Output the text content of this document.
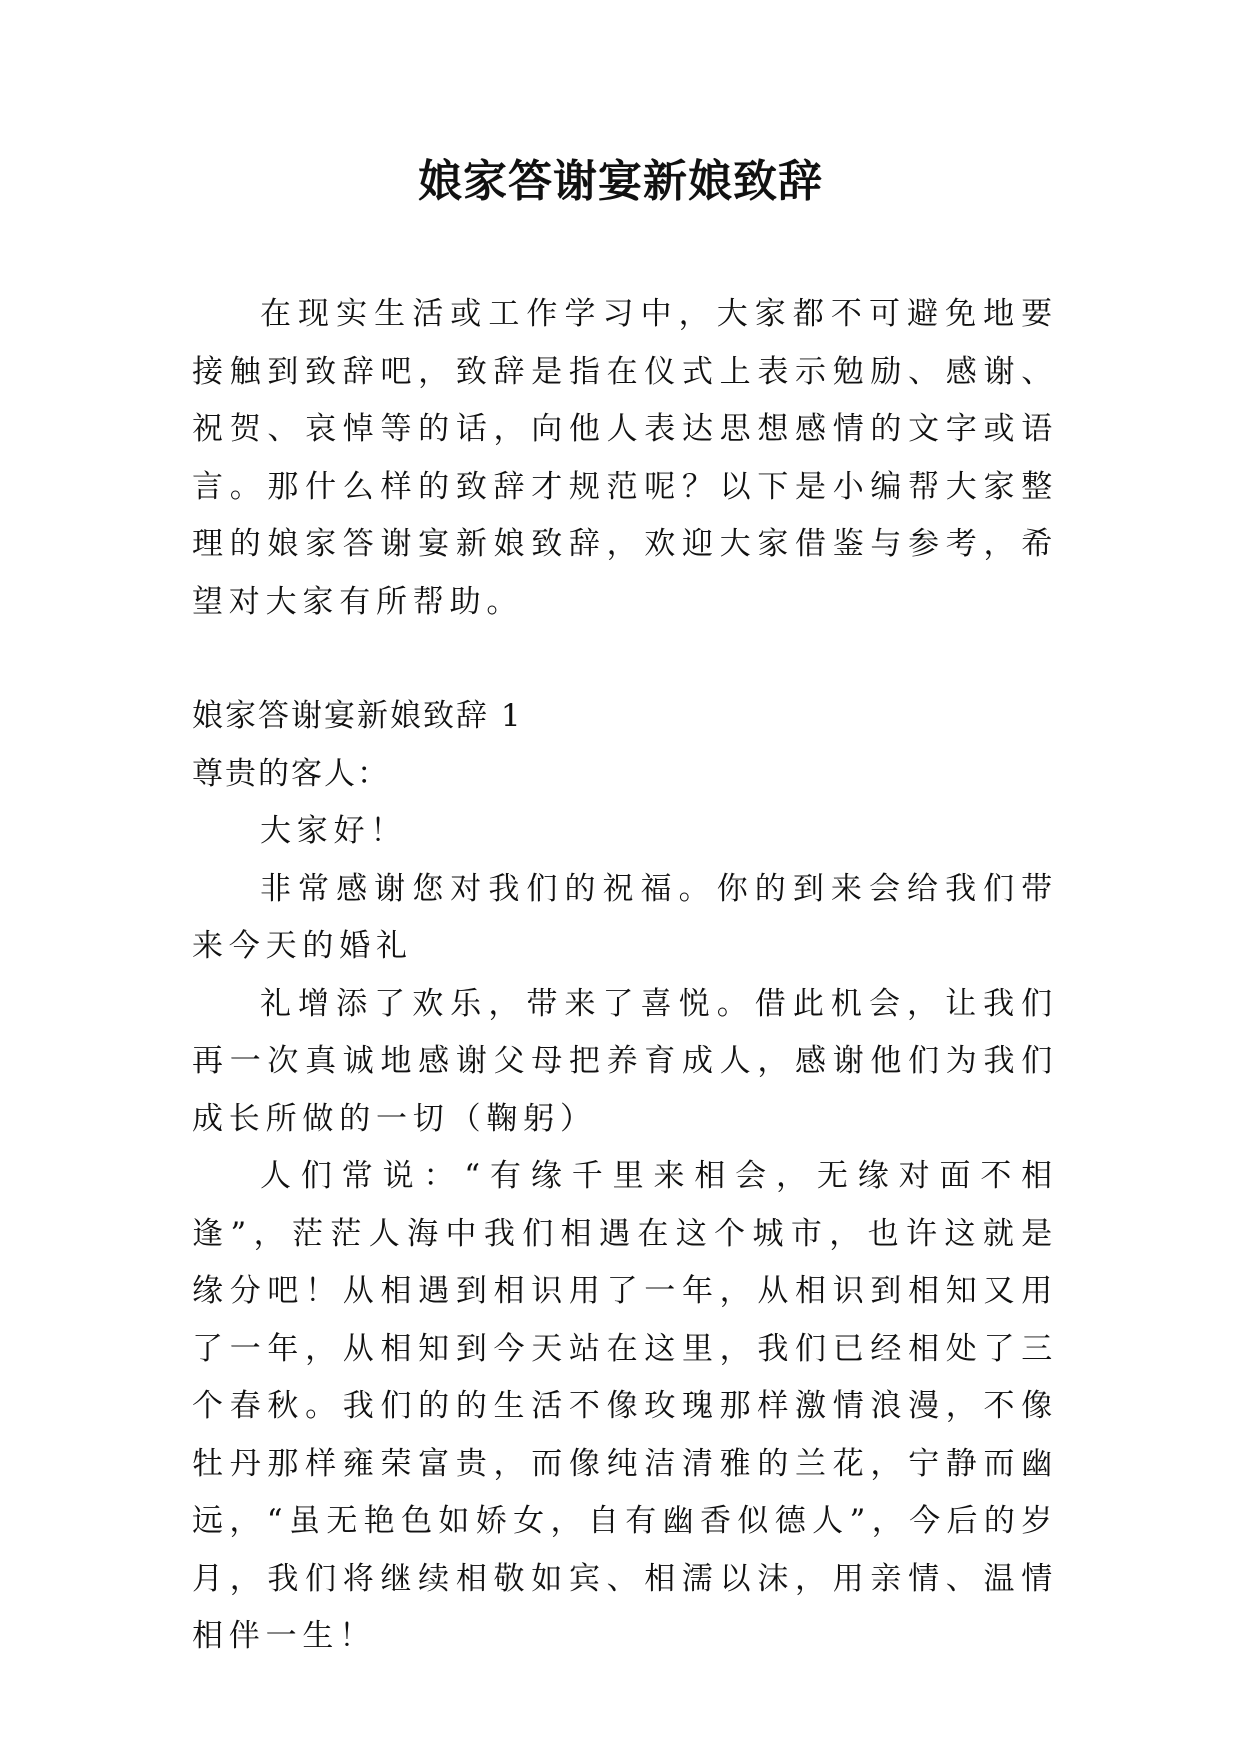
娘家答谢宴新娘致辞

在现实生活或工作学习中，大家都不可避免地要接触到致辞吧，致辞是指在仪式上表示勉励、感谢、祝贺、哀悼等的话，向他人表达思想感情的文字或语言。那什么样的致辞才规范呢？以下是小编帮大家整理的娘家答谢宴新娘致辞，欢迎大家借鉴与参考，希望对大家有所帮助。

娘家答谢宴新娘致辞 1

尊贵的客人：

大家好！

非常感谢您对我们的祝福。你的到来会给我们带来今天的婚礼

礼增添了欢乐，带来了喜悦。借此机会，让我们再一次真诚地感谢父母把养育成人，感谢他们为我们成长所做的一切（鞠躬）

人们常说：“有缘千里来相会，无缘对面不相逢”，茫茫人海中我们相遇在这个城市，也许这就是缘分吧！从相遇到相识用了一年，从相识到相知又用了一年，从相知到今天站在这里，我们已经相处了三个春秋。我们的的生活不像玫瑰那样激情浪漫，不像牡丹那样雍荣富贵，而像纯洁清雅的兰花，宁静而幽远，“虽无艳色如娇女，自有幽香似德人”，今后的岁月，我们将继续相敬如宾、相濡以沫，用亲情、温情相伴一生！
